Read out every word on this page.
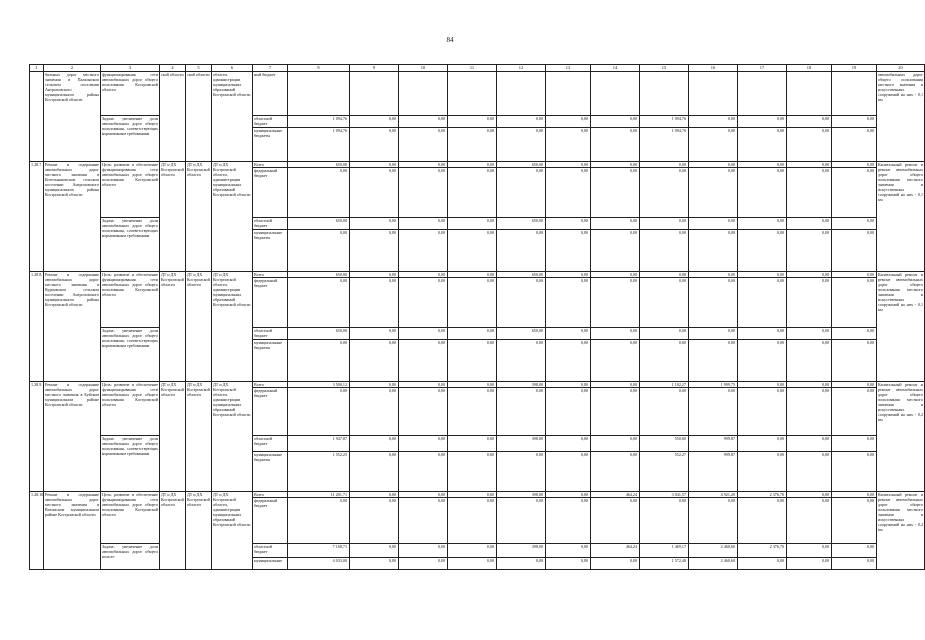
84
1	2	3	4	5	6	7	8	9	10	11	12	13	14	15	16	17	18	19	20
	бильных дорог местного значения в Палкинском сельском поселении Антроповского муниципального района Костромской области	функционирования сети автомобильных дорог общего пользования Костромской области	ской области	ской области	области, администрации муниципальных образований Костромской области	ный бюджет													автомобильных дорог общего пользования местного значения и искусственных сооружений на них - 0,1 км
		Задача: увеличение доли автомобильных дорог общего пользования, соответствующих нормативным требованиям				областной бюджет	1 094,76	0,00	0,00	0,00	0,00	0,00	0,00	1 094,76	0,00	0,00	0,00	0,00	
						муниципальные бюджеты	1 094,76	0,00	0,00	0,00	0,00	0,00	0,00	1 094,76	0,00	0,00	0,00	0,00	
1.28.7.	Ремонт и содержание автомобильных дорог местного значения в Котельниковском сельском поселении Антроповского муниципального района Костромской области	Цель: развитие и обеспечение функционирования сети автомобильных дорог общего пользования Костромской области	ДТ и ДХ Костромской области	ДТ и ДХ Костромской области	ДТ и ДХ Костромской области, администрации муниципальных образований Костромской области	Всего	650,00	0,00	0,00	0,00	650,00	0,00	0,00	0,00	0,00	0,00	0,00	0,00	Капитальный ремонт и ремонт автомобильных дорог общего пользования местного значения и искусственных сооружений на них - 0,1 км
						федеральный бюджет	0,00	0,00	0,00	0,00	0,00	0,00	0,00	0,00	0,00	0,00	0,00	0,00	
		Задача: увеличение доли автомобильных дорог общего пользования, соответствующих нормативным требованиям				областной бюджет	650,00	0,00	0,00	0,00	650,00	0,00	0,00	0,00	0,00	0,00	0,00	0,00	
						муниципальные бюджеты	0,00	0,00	0,00	0,00	0,00	0,00	0,00	0,00	0,00	0,00	0,00	0,00	
1.28.8.	Ремонт и содержание автомобильных дорог местного значения в Курновском сельском поселении Антроповского муниципального района Костромской области	Цель: развитие и обеспечение функционирования сети автомобильных дорог общего пользования Костромской области	ДТ и ДХ Костромской области	ДТ и ДХ Костромской области	ДТ и ДХ Костромской области, администрации муниципальных образований Костромской области	Всего	650,00	0,00	0,00	0,00	650,00	0,00	0,00	0,00	0,00	0,00	0,00	0,00	Капитальный ремонт и ремонт автомобильных дорог общего пользования местного значения и искусственных сооружений на них - 0,1 км
						федеральный бюджет	0,00	0,00	0,00	0,00	0,00	0,00	0,00	0,00	0,00	0,00	0,00	0,00	
		Задача: увеличение доли автомобильных дорог общего пользования, соответствующих нормативным требованиям				областной бюджет	650,00	0,00	0,00	0,00	650,00	0,00	0,00	0,00	0,00	0,00	0,00	0,00	
						муниципальные бюджеты	0,00	0,00	0,00	0,00	0,00	0,00	0,00	0,00	0,00	0,00	0,00	0,00	
1.28.9.	Ремонт и содержание автомобильных дорог местного значения в Буйском муниципальном районе Костромской области	Цель: развитие и обеспечение функционирования сети автомобильных дорог общего пользования Костромской области	ДТ и ДХ Костромской области	ДТ и ДХ Костромской области	ДТ и ДХ Костромской области, администрации муниципальных образований Костромской области	Всего	3 500,12	0,00	0,00	0,00	398,00	0,00	0,00	1 102,27	1 999,75	0,00	0,00	0,00	Капитальный ремонт и ремонт автомобильных дорог общего пользования местного значения и искусственных сооружений на них - 0,2 км
						федеральный бюджет	0,00	0,00	0,00	0,00	0,00	0,00	0,00	0,00	0,00	0,00	0,00	0,00	
		Задача: увеличение доли автомобильных дорог общего пользования, соответствующих нормативным требованиям				областной бюджет	1 947,87	0,00	0,00	0,00	398,00	0,00	0,00	550,00	999,87	0,00	0,00	0,00	
						муниципальные бюджеты	1 552,25	0,00	0,00	0,00	0,00	0,00	0,00	552,27	999,87	0,00	0,00	0,00	
1.28.10.	Ремонт и содержание автомобильных дорог местного значения в Вохомском муниципальном районе Костромской области	Цель: развитие и обеспечение функционирования сети автомобильных дорог общего пользования Костромской области	ДТ и ДХ Костромской области	ДТ и ДХ Костромской области	ДТ и ДХ Костромской области, администрации муниципальных образований Костромской области	Всего	11 201,71	0,00	0,00	0,00	398,00	0,00	464,24	3 041,57	4 921,20	2 376,70	0,00	0,00	Капитальный ремонт и ремонт автомобильных дорог общего пользования местного значения и искусственных сооружений на них - 0,2 км
						федеральный бюджет	0,00	0,00	0,00	0,00	0,00	0,00	0,00	0,00	0,00	0,00	0,00	0,00	
		Задача: увеличение доли автомобильных дорог общего пользо-				областной бюджет	7 168,71	0,00	0,00	0,00	398,00	0,00	464,24	1 469,17	2 460,60	2 376,70	0,00	0,00	
						муниципальные	4 033,00	0,00	0,00	0,00	0,00	0,00	0,00	1 572,40	2 460,60	0,00	0,00	0,00	
